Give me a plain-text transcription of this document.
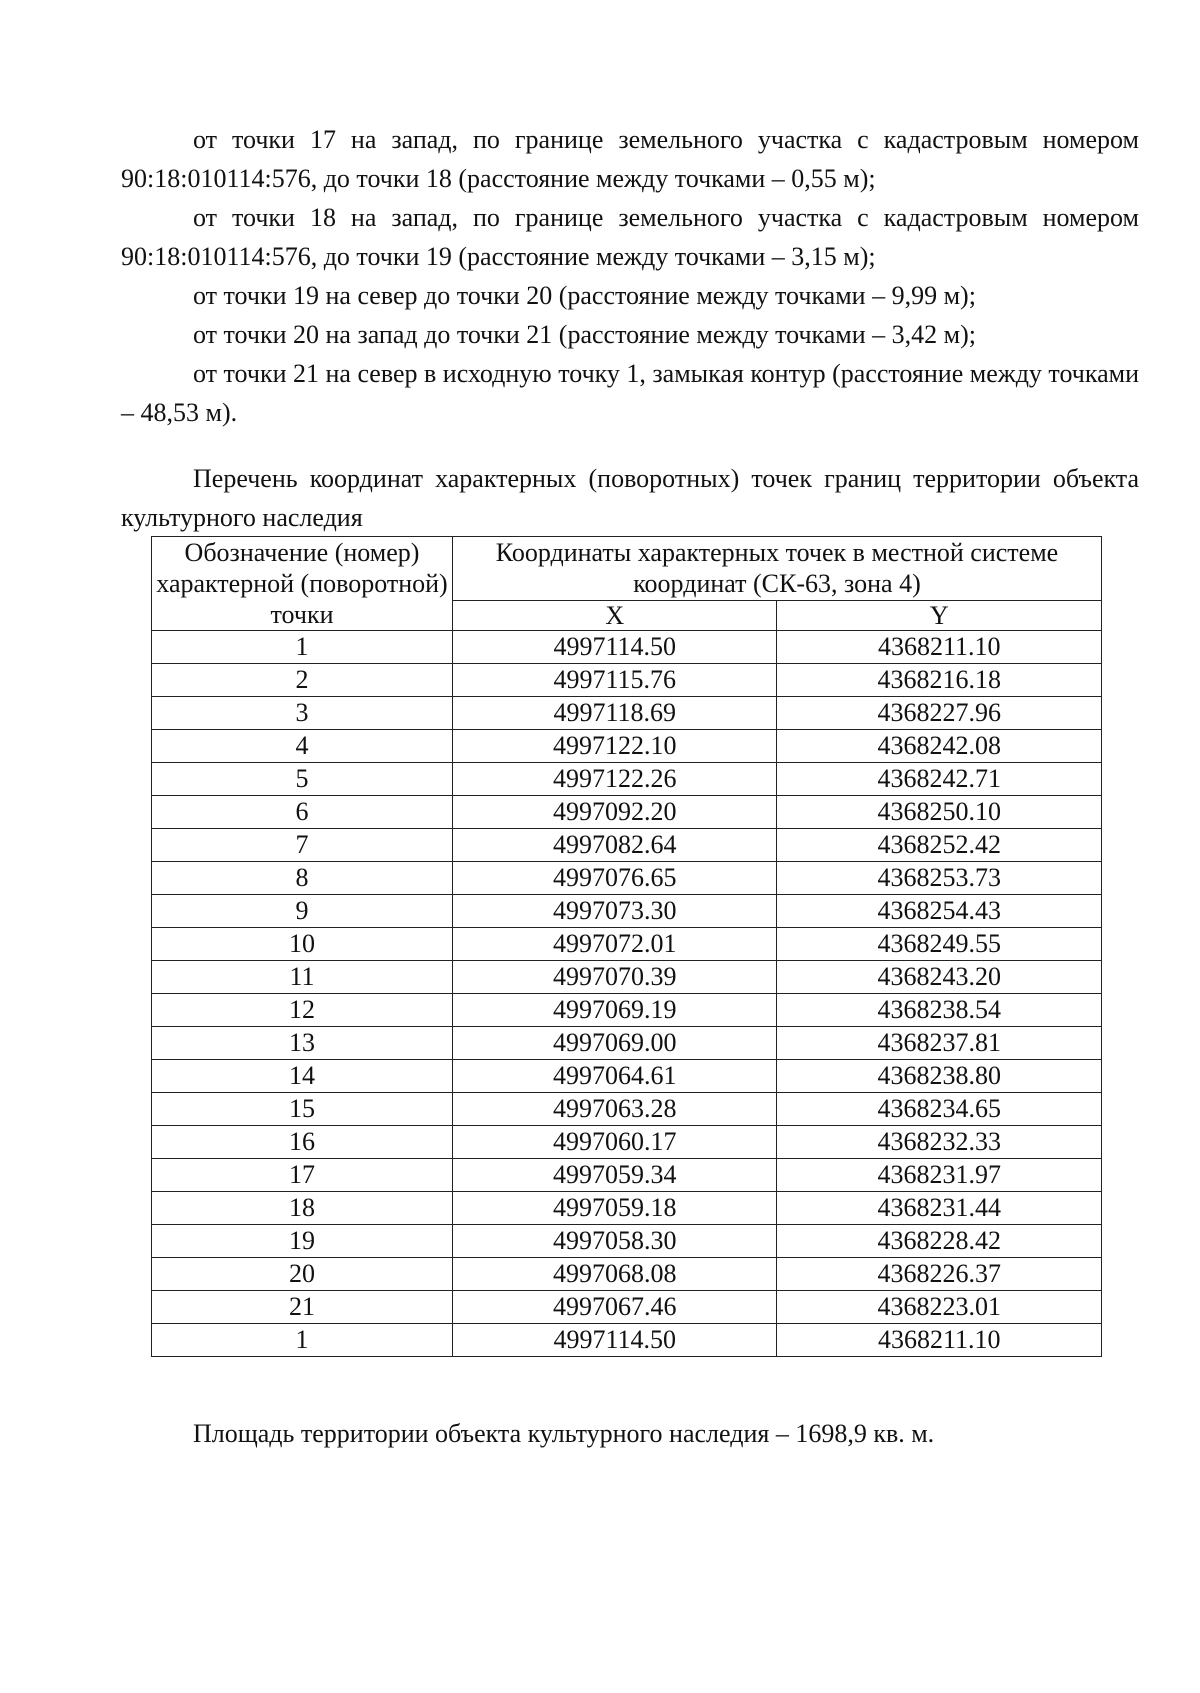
от точки 17 на запад, по границе земельного участка с кадастровым номером 90:18:010114:576, до точки 18 (расстояние между точками – 0,55 м);

от точки 18 на запад, по границе земельного участка с кадастровым номером 90:18:010114:576, до точки 19 (расстояние между точками – 3,15 м);

от точки 19 на север до точки 20 (расстояние между точками – 9,99 м);

от точки 20 на запад до точки 21 (расстояние между точками – 3,42 м);

от точки 21 на север в исходную точку 1, замыкая контур (расстояние между точками – 48,53 м).

Перечень координат характерных (поворотных) точек границ территории объекта культурного наследия

Обозначение (номер) характерной (поворотной) точки	Координаты характерных точек в местной системе координат (СК-63, зона 4)	
	X	Y
1	4997114.50	4368211.10
2	4997115.76	4368216.18
3	4997118.69	4368227.96
4	4997122.10	4368242.08
5	4997122.26	4368242.71
6	4997092.20	4368250.10
7	4997082.64	4368252.42
8	4997076.65	4368253.73
9	4997073.30	4368254.43
10	4997072.01	4368249.55
11	4997070.39	4368243.20
12	4997069.19	4368238.54
13	4997069.00	4368237.81
14	4997064.61	4368238.80
15	4997063.28	4368234.65
16	4997060.17	4368232.33
17	4997059.34	4368231.97
18	4997059.18	4368231.44
19	4997058.30	4368228.42
20	4997068.08	4368226.37
21	4997067.46	4368223.01
1	4997114.50	4368211.10

Площадь территории объекта культурного наследия – 1698,9 кв. м.
